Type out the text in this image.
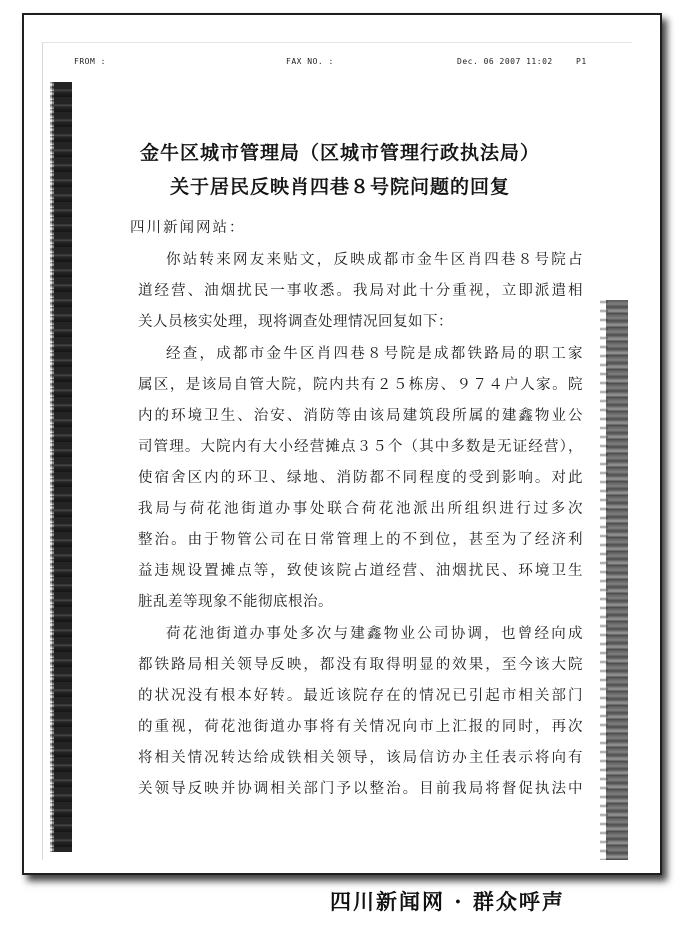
FROM :	FAX NO. :	Dec. 06 2007 11:02	P1
金牛区城市管理局（区城市管理行政执法局）
关于居民反映肖四巷８号院问题的回复
四川新闻网站：
你站转来网友来贴文，反映成都市金牛区肖四巷８号院占
道经营、油烟扰民一事收悉。我局对此十分重视，立即派遣相
关人员核实处理，现将调查处理情况回复如下：
经查，成都市金牛区肖四巷８号院是成都铁路局的职工家
属区，是该局自管大院，院内共有２５栋房、９７４户人家。院
内的环境卫生、治安、消防等由该局建筑段所属的建鑫物业公
司管理。大院内有大小经营摊点３５个（其中多数是无证经营），
使宿舍区内的环卫、绿地、消防都不同程度的受到影响。对此
我局与荷花池街道办事处联合荷花池派出所组织进行过多次
整治。由于物管公司在日常管理上的不到位，甚至为了经济利
益违规设置摊点等，致使该院占道经营、油烟扰民、环境卫生
脏乱差等现象不能彻底根治。
荷花池街道办事处多次与建鑫物业公司协调，也曾经向成
都铁路局相关领导反映，都没有取得明显的效果，至今该大院
的状况没有根本好转。最近该院存在的情况已引起市相关部门
的重视，荷花池街道办事将有关情况向市上汇报的同时，再次
将相关情况转达给成铁相关领导，该局信访办主任表示将向有
关领导反映并协调相关部门予以整治。目前我局将督促执法中
四川新闻网 · 群众呼声
